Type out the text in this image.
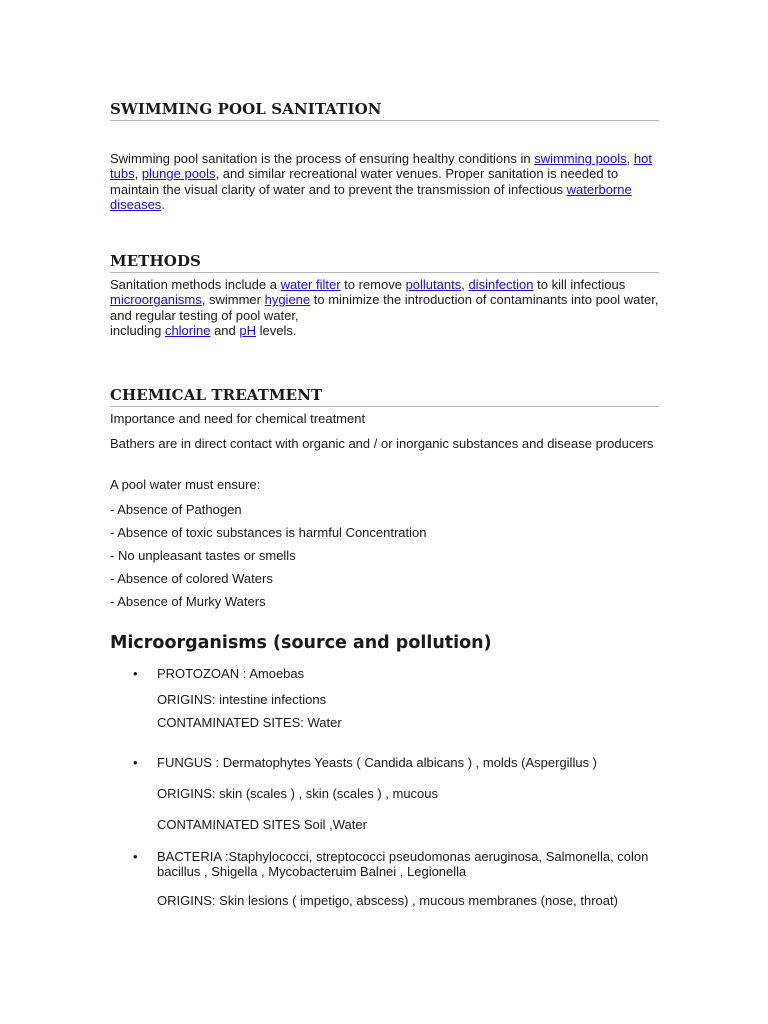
SWIMMING POOL SANITATION

Swimming pool sanitation is the process of ensuring healthy conditions in swimming pools, hot tubs, plunge pools, and similar recreational water venues. Proper sanitation is needed to maintain the visual clarity of water and to prevent the transmission of infectious waterborne diseases.

METHODS

Sanitation methods include a water filter to remove pollutants, disinfection to kill infectious microorganisms, swimmer hygiene to minimize the introduction of contaminants into pool water, and regular testing of pool water,
including chlorine and pH levels.

CHEMICAL TREATMENT

Importance and need for chemical treatment

Bathers are in direct contact with organic and / or inorganic substances and disease producers

A pool water must ensure:

- Absence of Pathogen

- Absence of toxic substances is harmful Concentration

- No unpleasant tastes or smells

- Absence of colored Waters

- Absence of Murky Waters

Microorganisms (source and pollution)
• PROTOZOAN : Amoebas

ORIGINS: intestine infections

CONTAMINATED SITES: Water

• FUNGUS : Dermatophytes Yeasts ( Candida albicans ) , molds (Aspergillus )

ORIGINS: skin (scales ) , skin (scales ) , mucous

CONTAMINATED SITES Soil ,Water

• BACTERIA :Staphylococci, streptococci pseudomonas aeruginosa, Salmonella, colon bacillus , Shigella , Mycobacteruim Balnei , Legionella

ORIGINS: Skin lesions ( impetigo, abscess) , mucous membranes (nose, throat)
